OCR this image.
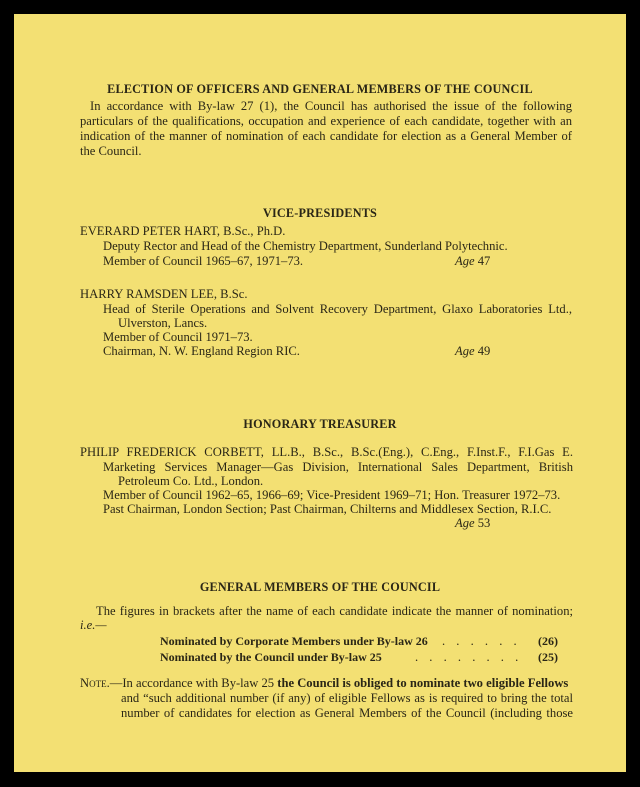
ELECTION OF OFFICERS AND GENERAL MEMBERS OF THE COUNCIL
In accordance with By-law 27 (1), the Council has authorised the issue of the following
particulars of the qualifications, occupation and experience of each candidate, together with an
indication of the manner of nomination of each candidate for election as a General Member of
the Council.
VICE-PRESIDENTS
EVERARD PETER HART, B.Sc., Ph.D.
Deputy Rector and Head of the Chemistry Department, Sunderland Polytechnic.
Member of Council 1965–67, 1971–73.	Age 47
HARRY RAMSDEN LEE, B.Sc.
Head of Sterile Operations and Solvent Recovery Department, Glaxo Laboratories Ltd.,
Ulverston, Lancs.
Member of Council 1971–73.
Chairman, N. W. England Region RIC.	Age 49
HONORARY TREASURER
PHILIP FREDERICK CORBETT, LL.B., B.Sc., B.Sc.(Eng.), C.Eng., F.Inst.F., F.I.Gas E.
Marketing Services Manager—Gas Division, International Sales Department, British
Petroleum Co. Ltd., London.
Member of Council 1962–65, 1966–69; Vice-President 1969–71; Hon. Treasurer 1972–73.
Past Chairman, London Section; Past Chairman, Chilterns and Middlesex Section, R.I.C.
Age 53
GENERAL MEMBERS OF THE COUNCIL
The figures in brackets after the name of each candidate indicate the manner of nomination;
i.e.—
Nominated by Corporate Members under By-law 26 . . . . . . (26)
Nominated by the Council under By-law 25	. . . . . . . . (25)
Note.—In accordance with By-law 25 the Council is obliged to nominate two eligible Fellows
and “such additional number (if any) of eligible Fellows as is required to bring the total
number of candidates for election as General Members of the Council (including those
